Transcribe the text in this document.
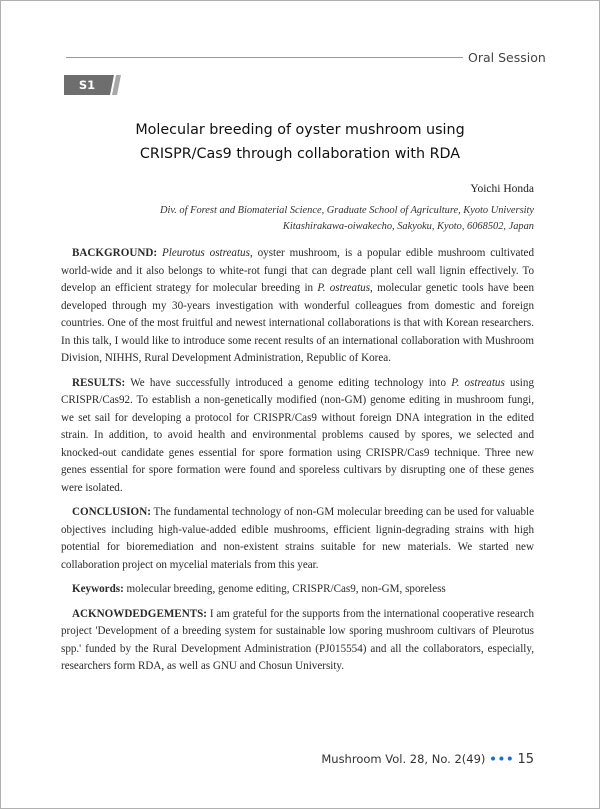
Oral Session
S1
Molecular breeding of oyster mushroom using
CRISPR/Cas9 through collaboration with RDA
Yoichi Honda
Div. of Forest and Biomaterial Science, Graduate School of Agriculture, Kyoto University
Kitashirakawa-oiwakecho, Sakyoku, Kyoto, 6068502, Japan

BACKGROUND: Pleurotus ostreatus, oyster mushroom, is a popular edible mushroom cultivated world-wide and it also belongs to white-rot fungi that can degrade plant cell wall lignin effectively. To develop an efficient strategy for molecular breeding in P. ostreatus, molecular genetic tools have been developed through my 30-years investigation with wonderful colleagues from domestic and foreign countries. One of the most fruitful and newest international collaborations is that with Korean researchers. In this talk, I would like to introduce some recent results of an international collaboration with Mushroom Division, NIHHS, Rural Development Administration, Republic of Korea.

RESULTS: We have successfully introduced a genome editing technology into P. ostreatus using CRISPR/Cas92. To establish a non-genetically modified (non-GM) genome editing in mushroom fungi, we set sail for developing a protocol for CRISPR/Cas9 without foreign DNA integration in the edited strain. In addition, to avoid health and environmental problems caused by spores, we selected and knocked-out candidate genes essential for spore formation using CRISPR/Cas9 technique. Three new genes essential for spore formation were found and sporeless cultivars by disrupting one of these genes were isolated.

CONCLUSION: The fundamental technology of non-GM molecular breeding can be used for valuable objectives including high-value-added edible mushrooms, efficient lignin-degrading strains with high potential for bioremediation and non-existent strains suitable for new materials. We started new collaboration project on mycelial materials from this year.

Keywords: molecular breeding, genome editing, CRISPR/Cas9, non-GM, sporeless

ACKNOWDEDGEMENTS: I am grateful for the supports from the international cooperative research project 'Development of a breeding system for sustainable low sporing mushroom cultivars of Pleurotus spp.' funded by the Rural Development Administration (PJ015554) and all the collaborators, especially, researchers form RDA, as well as GNU and Chosun University.

Mushroom Vol. 28, No. 2(49) ••• 15
